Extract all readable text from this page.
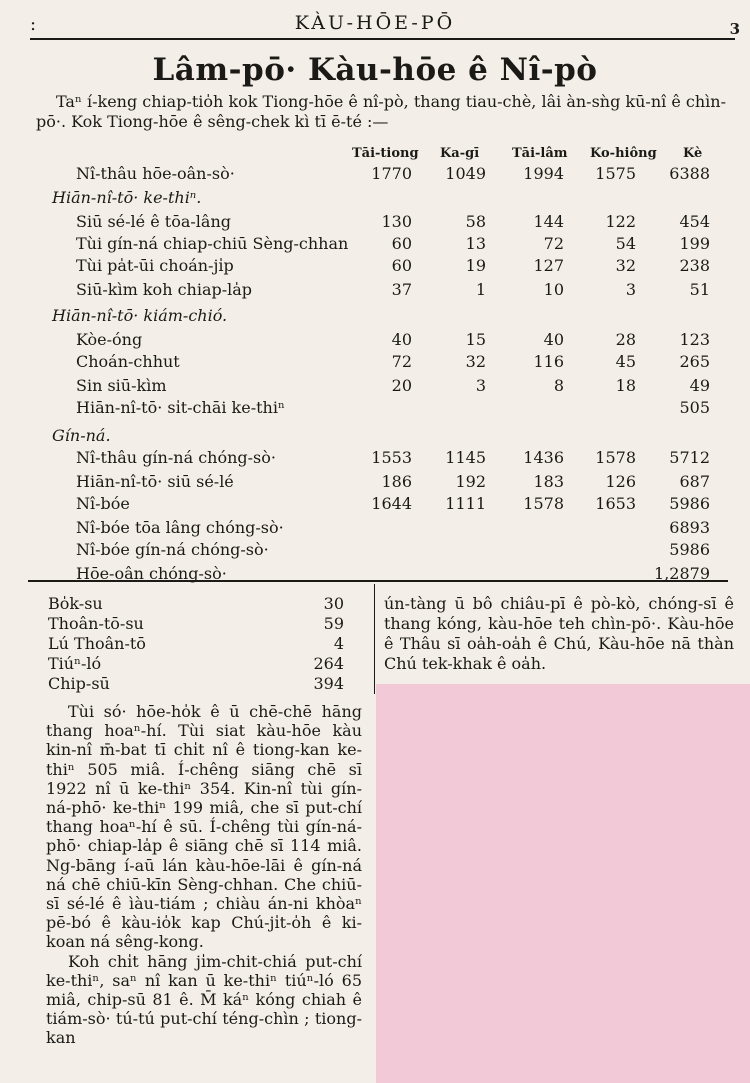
:	KÀU-HŌE-PŌ	3
Lâm-pō· Kàu-hōe ê Nî-pò

Taⁿ í-keng chiap-tio̍h kok Tiong-hōe ê nî-pò, thang tiau-chè, lâi àn-sǹg kū-nî ê chìn-pō·. Kok Tiong-hōe ê sêng-chek kì tī ē-té :—

Tāi-tiong Ka-gī	Tāi-lâm Ko-hiông Kè
Nî-thâu hōe-oân-sò·	1770	1049	1994	1575	6388
Hiān-nî-tō· ke-thiⁿ.
Siū sé-lé ê tōa-lâng	130	58	144	122	454
Tùi gín-ná chiap-chiū Sèng-chhan	60	13	72	54	199
Tùi pa̍t-ūi choán-ji̍p	60	19	127	32	238
Siū-kìm koh chiap-la̍p	37	1	10	3	51
Hiān-nî-tō· kiám-chió.
Kòe-óng	40	15	40	28	123
Choán-chhut	72	32	116	45	265
Sin siū-kìm	20	3	8	18	49
Hiān-nî-tō· si̍t-chāi ke-thiⁿ	505
Gín-ná.
Nî-thâu gín-ná chóng-sò·	1553	1145	1436	1578	5712
Hiān-nî-tō· siū sé-lé	186	192	183	126	687
Nî-bóe	1644	1111	1578	1653	5986
Nî-bóe tōa lâng chóng-sò·	6893
Nî-bóe gín-ná chóng-sò·	5986
Hōe-oân chóng-sò·	1,2879
Bo̍k-su	30
Thoân-tō-su	59
Lú Thoân-tō	4
Tiúⁿ-ló	264
Chip-sū	394

Tùi só· hōe-ho̍k ê ū chē-chē hāng thang hoaⁿ-hí. Tùi siat kàu-hōe kàu kin-nî m̄-bat tī chi̍t nî ê tiong-kan ke-thiⁿ 505 miâ. Í-chêng siāng chē sī 1922 nî ū ke-thiⁿ 354. Kin-nî tùi gín-ná-phō· ke-thiⁿ 199 miâ, che sī put-chí thang hoaⁿ-hí ê sū. Í-chêng tùi gín-ná-phō· chiap-la̍p ê siāng chē sī 114 miâ. Ng-bāng í-aū lán kàu-hōe-lāi ê gín-ná ná chē chiū-kīn Sèng-chhan. Che chiū-sī sé-lé ê ìàu-tiám ; chiàu án-ni khòaⁿ pē-bó ê kàu-io̍k kap Chú-ji̍t-o̍h ê ki-koan ná sêng-kong.

Koh chi̍t hāng ji̍m-chit-chiá put-chí ke-thiⁿ, saⁿ nî kan ū ke-thiⁿ tiúⁿ-ló 65 miâ, chip-sū 81 ê. M̄ káⁿ kóng chiah ê tiám-sò· tú-tú put-chí téng-chìn ; tiong-kan

ún-tàng ū bô chiâu-pī ê pò-kò, chóng-sī ê thang kóng, kàu-hōe teh chìn-pō·. Kàu-hōe ê Thâu sī oa̍h-oa̍h ê Chú, Kàu-hōe nā thàn Chú tek-khak ê oa̍h.
